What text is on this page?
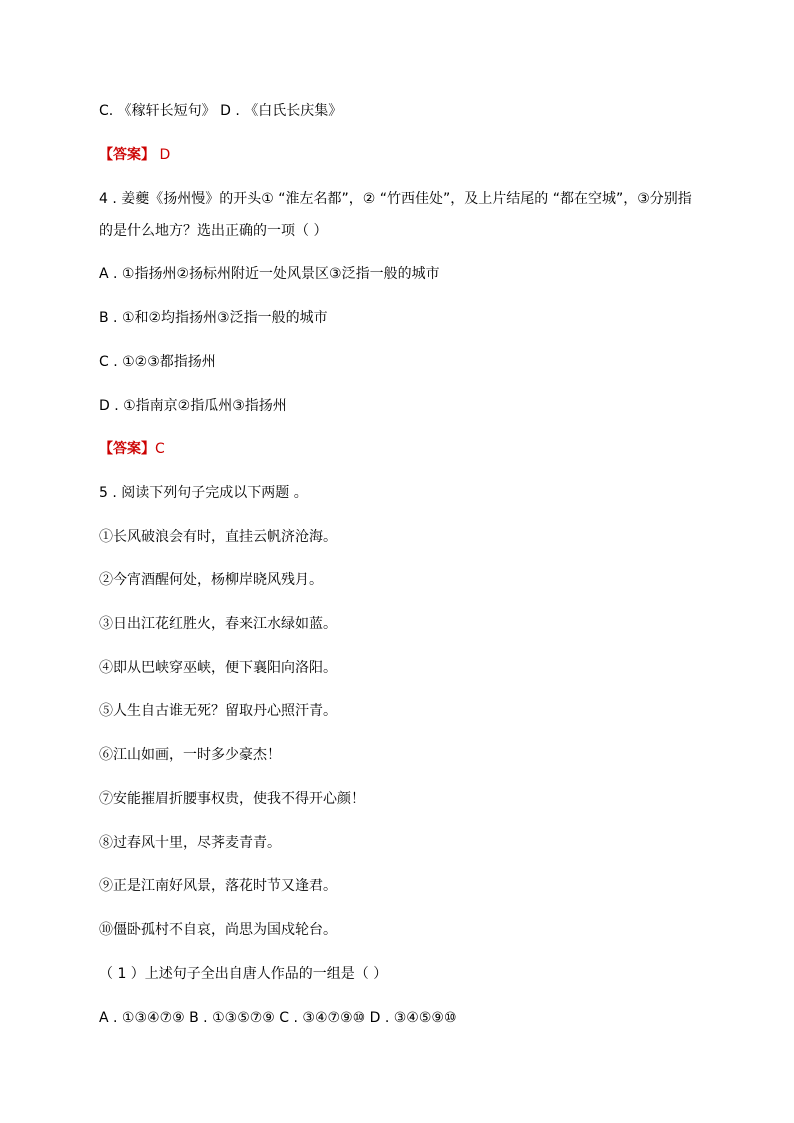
C. 《稼轩长短句》 D . 《白氏长庆集》
【答案】 D
4 . 姜夔《扬州慢》的开头① “淮左名都”，② “竹西佳处”，及上片结尾的 “都在空城”，③分别指
的是什么地方？选出正确的一项（ ）
A . ①指扬州②扬标州附近一处风景区③泛指一般的城市
B . ①和②均指扬州③泛指一般的城市
C . ①②③都指扬州
D . ①指南京②指瓜州③指扬州
【答案】C
5 . 阅读下列句子完成以下两题 。
①长风破浪会有时，直挂云帆济沧海。
②今宵酒醒何处，杨柳岸晓风残月。
③日出江花红胜火，春来江水绿如蓝。
④即从巴峡穿巫峡，便下襄阳向洛阳。
⑤人生自古谁无死？留取丹心照汗青。
⑥江山如画，一时多少豪杰！
⑦安能摧眉折腰事权贵，使我不得开心颜！
⑧过春风十里，尽荠麦青青。
⑨正是江南好风景，落花时节又逢君。
⑩僵卧孤村不自哀，尚思为国戍轮台。
（ 1 ）上述句子全出自唐人作品的一组是（ ）
A . ①③④⑦⑨ B . ①③⑤⑦⑨ C . ③④⑦⑨⑩ D . ③④⑤⑨⑩
